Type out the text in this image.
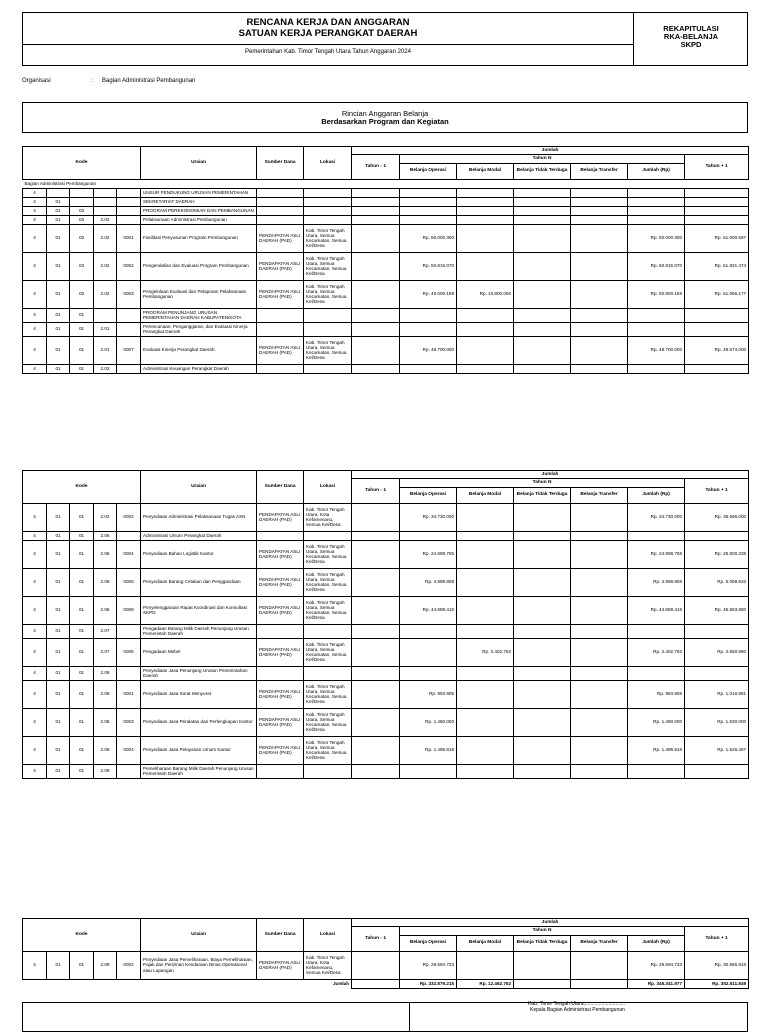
RENCANA KERJA DAN ANGGARAN
SATUAN KERJA PERANGKAT DAERAH
Pemerintahan Kab. Timor Tengah Utara Tahun Anggaran 2024
REKAPITULASI
RKA-BELANJA
SKPD
Organisasi	: Bagian Administrasi Pembangunan
Rincian Anggaran Belanja
Berdasarkan Program dan Kegiatan
Kode					Uraian	Sumber Dana	Lokasi	Jumlah						
								Tahun - 1	Tahun N					Tahun + 1
									Belanja Operasi	Belanja Modal	Belanja Tidak Terduga	Belanja Transfer	Jumlah (Rp)	
Bagian Administrasi Pembangunan														
4					UNSUR PENDUKUNG URUSAN PEMERINTAHAN									
4	01				SEKRETARIAT DAERAH									
4	01	03			PROGRAM PEREKONOMIAN DAN PEMBANGUNAN									
4	01	03	2.02		Pelaksanaan Administrasi Pembangunan									
4	01	03	2.02	0001	Fasilitasi Penyusunan Program Pembangunan	PENDAPATAN ASLI DAERAH (PAD)	Kab. Timor Tengah Utara, Semua Kecamatan, Semua Kel/Desa		Rp. 50.000.300				Rp. 50.000.300	Rp. 51.000.597
4	01	03	2.02	0002	Pengendalian dan Evaluasi Program Pembangunan	PENDAPATAN ASLI DAERAH (PAD)	Kab. Timor Tengah Utara, Semua Kecamatan, Semua Kel/Desa		Rp. 50.815.070				Rp. 50.815.070	Rp. 51.831.474
4	01	03	2.02	0003	Pengelolaan Evaluasi dan Pelaporan Pelaksanaan Pembangunan	PENDAPATAN ASLI DAERAH (PAD)	Kab. Timor Tengah Utara, Semua Kecamatan, Semua Kel/Desa		Rp. 40.000.169	Rp. 10.800.000			Rp. 50.800.169	Rp. 51.066.177
4	01	01			PROGRAM PENUNJANG URUSAN PEMERINTAHAN DAERAH KABUPATEN/KOTA									
4	01	01	2.01		Perencanaan, Penganggaran, dan Evaluasi Kinerja Perangkat Daerah									
4	01	01	2.01	0007	Evaluasi Kinerja Perangkat Daerah	PENDAPATAN ASLI DAERAH (PAD)	Kab. Timor Tengah Utara, Semua Kecamatan, Semua Kel/Desa		Rp. 48.700.000				Rp. 48.700.000	Rp. 49.674.000
4	01	01	2.02		Administrasi Keuangan Perangkat Daerah									
Kode					Uraian	Sumber Dana	Lokasi	Jumlah						
								Tahun - 1	Tahun N					Tahun + 1
									Belanja Operasi	Belanja Modal	Belanja Tidak Terduga	Belanja Transfer	Jumlah (Rp)	
4	01	01	2.02	0002	Penyediaan Administrasi Pelaksanaan Tugas ASN	PENDAPATAN ASLI DAERAH (PAD)	Kab. Timor Tengah Utara, Kota Kefamenanu, Semua Kel/Desa		Rp. 34.730.000				Rp. 34.730.000	Rp. 35.596.000
4	01	01	2.06		Administrasi Umum Perangkat Daerah									
4	01	01	2.06	0004	Penyediaan Bahan Logistik Kantor	PENDAPATAN ASLI DAERAH (PAD)	Kab. Timor Tengah Utara, Semua Kecamatan, Semua Kel/Desa		Rp. 24.999.765				Rp. 24.999.765	Rp. 25.500.335
4	01	01	2.06	0005	Penyediaan Barang Cetakan dan Penggandaan	PENDAPATAN ASLI DAERAH (PAD)	Kab. Timor Tengah Utara, Semua Kecamatan, Semua Kel/Desa		Rp. 4.999.808				Rp. 4.999.808	Rp. 5.099.933
4	01	01	2.06	0009	Penyelenggaraan Rapat Koordinasi dan Konsultasi SKPD	PENDAPATAN ASLI DAERAH (PAD)	Kab. Timor Tengah Utara, Semua Kecamatan, Semua Kel/Desa		Rp. 44.689.415				Rp. 44.689.415	Rp. 45.583.880
4	01	01	2.07		Pengadaan Barang Milik Daerah Penunjang Urusan Pemerintah Daerah									
4	01	01	2.07	0005	Pengadaan Mebel	PENDAPATAN ASLI DAERAH (PAD)	Kab. Timor Tengah Utara, Semua Kecamatan, Semua Kel/Desa			Rp. 2.402.762			Rp. 2.402.762	Rp. 2.550.880
4	01	01	2.08		Penyediaan Jasa Penunjang Urusan Pemerintahan Daerah									
4	01	01	2.08	0001	Penyediaan Jasa Surat Menyurat	PENDAPATAN ASLI DAERAH (PAD)	Kab. Timor Tengah Utara, Semua Kecamatan, Semua Kel/Desa		Rp. 993.905				Rp. 993.905	Rp. 1.016.981
4	01	01	2.08	0003	Penyediaan Jasa Peralatan dan Perlengkapan Kantor	PENDAPATAN ASLI DAERAH (PAD)	Kab. Timor Tengah Utara, Semua Kecamatan, Semua Kel/Desa		Rp. 1.460.000				Rp. 1.460.000	Rp. 1.530.000
4	01	01	2.08	0004	Penyediaan Jasa Pelayanan Umum Kantor	PENDAPATAN ASLI DAERAH (PAD)	Kab. Timor Tengah Utara, Semua Kecamatan, Semua Kel/Desa		Rp. 1.495.918				Rp. 1.495.918	Rp. 1.526.467
4	01	01	2.09		Pemeliharaan Barang Milik Daerah Penunjang Urusan Pemerintah Daerah									
Kode					Uraian	Sumber Dana	Lokasi	Jumlah						
								Tahun - 1	Tahun N					Tahun + 1
									Belanja Operasi	Belanja Modal	Belanja Tidak Terduga	Belanja Transfer	Jumlah (Rp)	
4	01	01	2.09	0002	Penyediaan Jasa Pemeliharaan, Biaya Pemeliharaan, Pajak dan Perizinan Kendaraan Dinas Operasional atau Lapangan	PENDAPATAN ASLI DAERAH (PAD)	Kab. Timor Tengah Utara, Kota Kefamenanu, Semua Kel/Desa		Rp. 29.594.733				Rp. 29.594.733	Rp. 30.686.916
Jumlah									Rp. 332.879.215	Rp. 12.462.762			Rp. 345.341.977	Rp. 352.511.849
Kab. Timor Tengah Utara,.............................
Kepala Bagian Administrasi Pembangunan
